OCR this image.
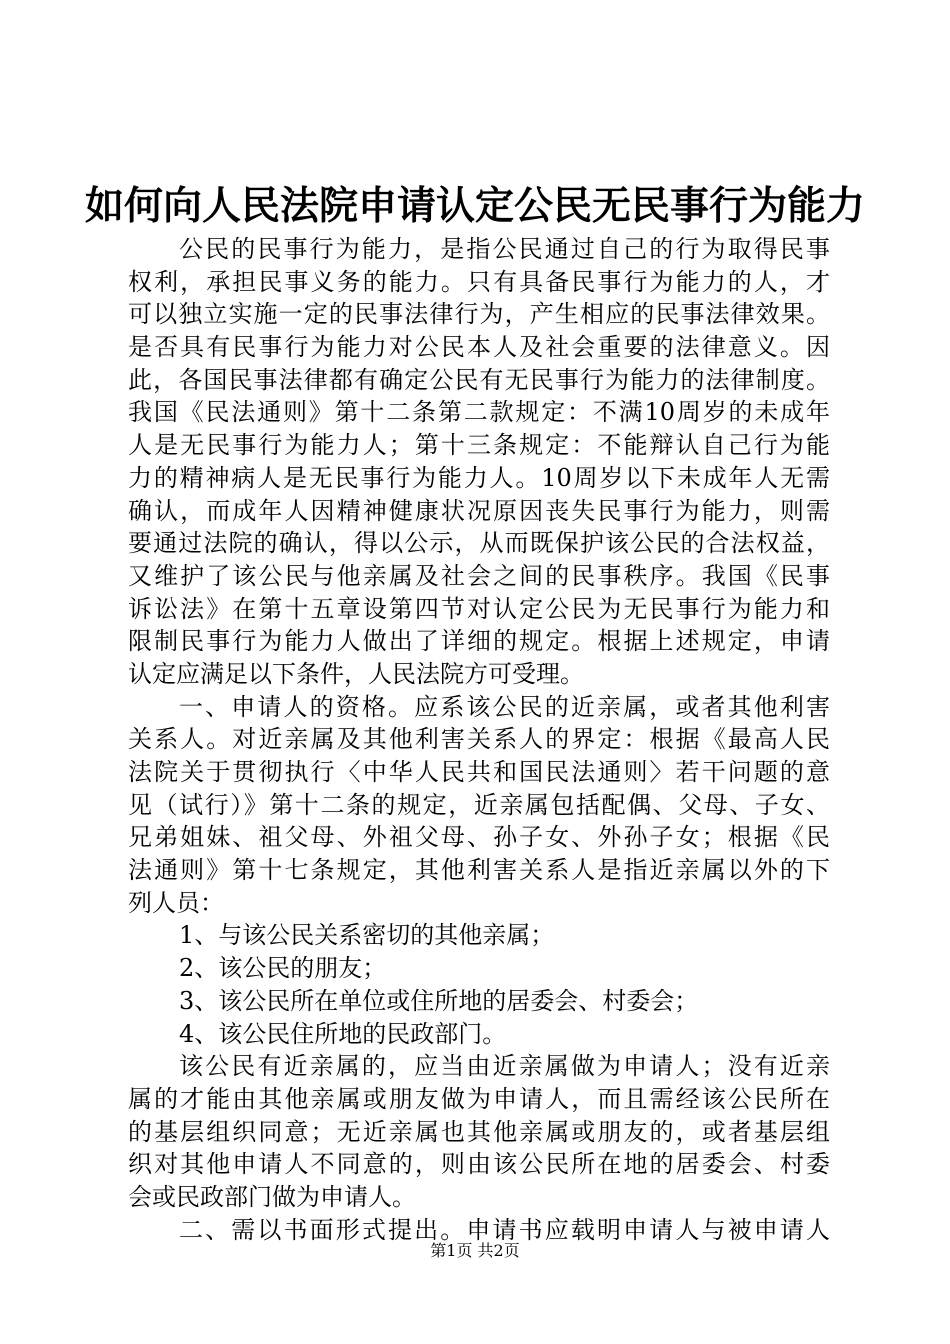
如何向人民法院申请认定公民无民事行为能力
公民的民事行为能力，是指公民通过自己的行为取得民事
权利，承担民事义务的能力。只有具备民事行为能力的人，才
可以独立实施一定的民事法律行为，产生相应的民事法律效果。
是否具有民事行为能力对公民本人及社会重要的法律意义。因
此，各国民事法律都有确定公民有无民事行为能力的法律制度。
我国《民法通则》第十二条第二款规定：不满10周岁的未成年
人是无民事行为能力人；第十三条规定：不能辩认自己行为能
力的精神病人是无民事行为能力人。10周岁以下未成年人无需
确认，而成年人因精神健康状况原因丧失民事行为能力，则需
要通过法院的确认，得以公示，从而既保护该公民的合法权益，
又维护了该公民与他亲属及社会之间的民事秩序。我国《民事
诉讼法》在第十五章设第四节对认定公民为无民事行为能力和
限制民事行为能力人做出了详细的规定。根据上述规定，申请
认定应满足以下条件，人民法院方可受理。
一、申请人的资格。应系该公民的近亲属，或者其他利害
关系人。对近亲属及其他利害关系人的界定：根据《最高人民
法院关于贯彻执行〈中华人民共和国民法通则〉若干问题的意
见（试行）》第十二条的规定，近亲属包括配偶、父母、子女、
兄弟姐妹、祖父母、外祖父母、孙子女、外孙子女；根据《民
法通则》第十七条规定，其他利害关系人是指近亲属以外的下
列人员：
1、与该公民关系密切的其他亲属；
2、该公民的朋友；
3、该公民所在单位或住所地的居委会、村委会；
4、该公民住所地的民政部门。
该公民有近亲属的，应当由近亲属做为申请人；没有近亲
属的才能由其他亲属或朋友做为申请人，而且需经该公民所在
的基层组织同意；无近亲属也其他亲属或朋友的，或者基层组
织对其他申请人不同意的，则由该公民所在地的居委会、村委
会或民政部门做为申请人。
二、需以书面形式提出。申请书应载明申请人与被申请人
第1页 共2页
